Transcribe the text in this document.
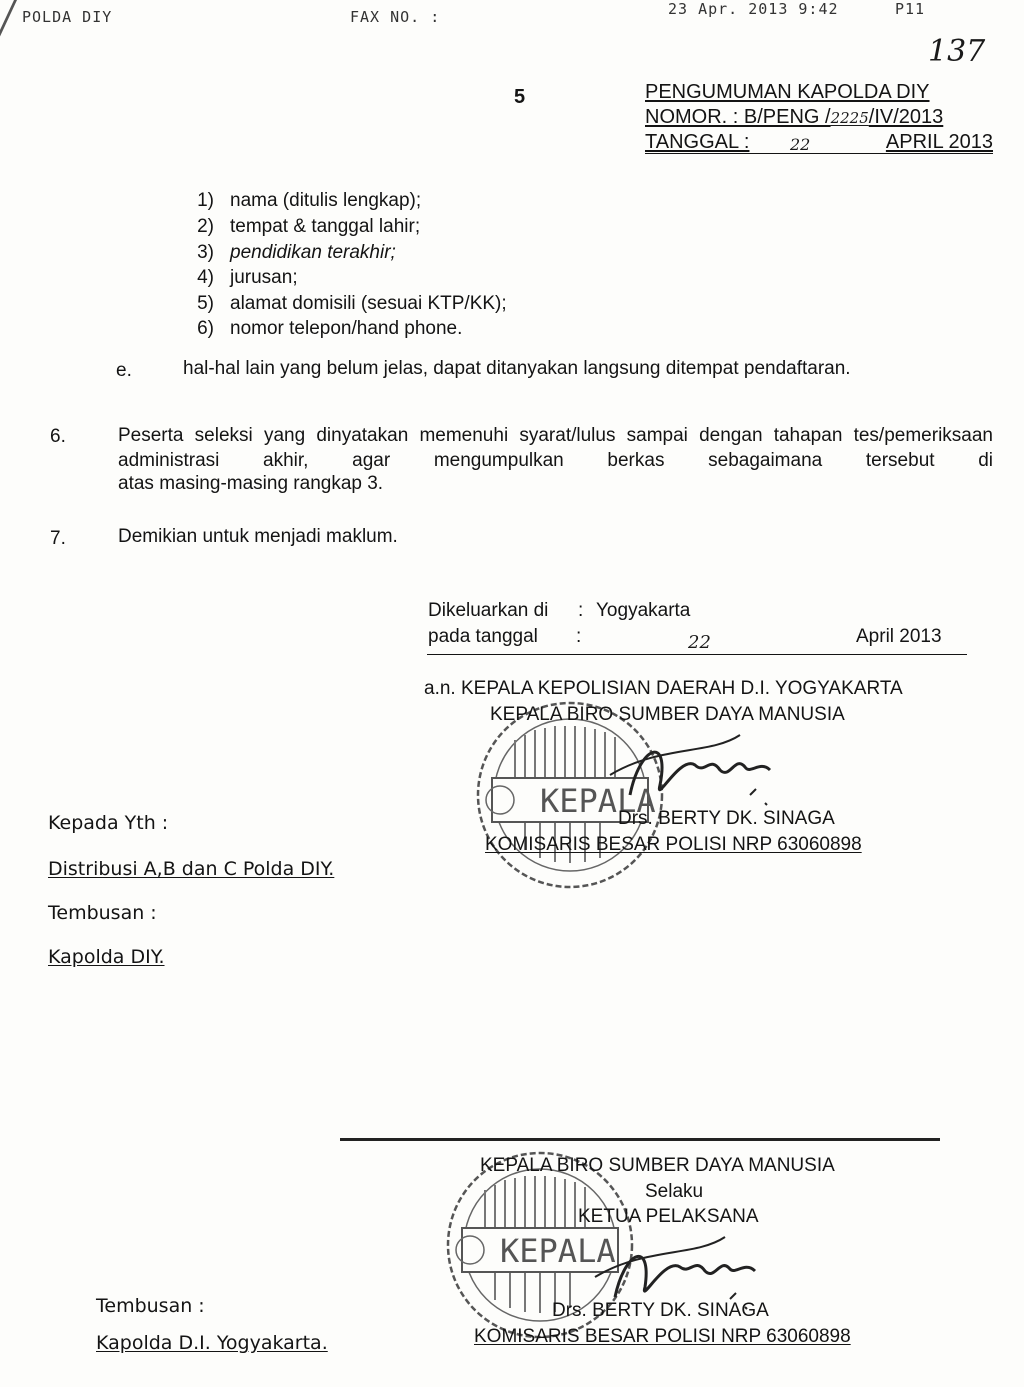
POLDA DIY	FAX NO. :	23 Apr. 2013 9:42	P11
137
5	PENGUMUMAN KAPOLDA DIY
NOMOR. : B/PENG /2225/IV/2013
TANGGAL :	22	APRIL 2013
1) nama (ditulis lengkap);
2) tempat & tanggal lahir;
3) pendidikan terakhir;
4) jurusan;
5) alamat domisili (sesuai KTP/KK);
6) nomor telepon/hand phone.
e.	hal-hal lain yang belum jelas, dapat ditanyakan langsung ditempat pendaftaran.
6.	Peserta seleksi yang dinyatakan memenuhi syarat/lulus sampai dengan tahapan tes/pemeriksaan administrasi akhir, agar mengumpulkan berkas sebagaimana tersebut di
atas masing-masing rangkap 3.
7.	Demikian untuk menjadi maklum.
Dikeluarkan di : Yogyakarta
pada tanggal :	22	April 2013
KEPALA
a.n. KEPALA KEPOLISIAN DAERAH D.I. YOGYAKARTA
KEPALA BIRO SUMBER DAYA MANUSIA
Drs. BERTY DK. SINAGA
KOMISARIS BESAR POLISI NRP 63060898
Kepada Yth :
Distribusi A,B dan C Polda DIY.
Tembusan :
Kapolda DIY.
KEPALA
KEPALA BIRO SUMBER DAYA MANUSIA
Selaku
KETUA PELAKSANA
Drs. BERTY DK. SINAGA
KOMISARIS BESAR POLISI NRP 63060898
Tembusan :
Kapolda D.I. Yogyakarta.
